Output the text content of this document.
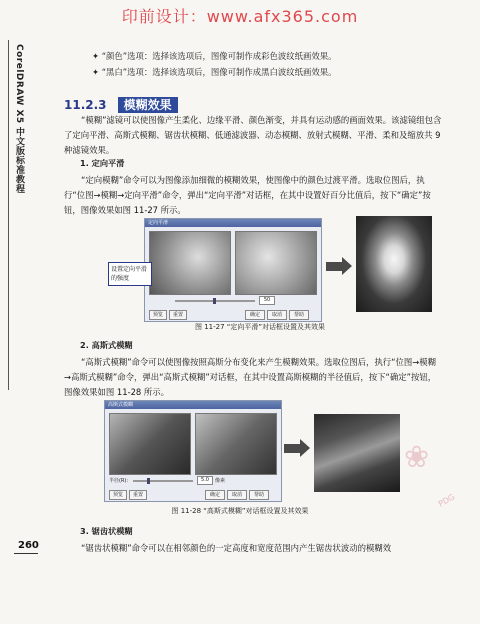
印前设计：www.afx365.com
CorelDRAW X5 中文版标准教程	✦ “颜色”选项：选择该选项后，图像可制作成彩色波纹纸画效果。
✦ “黑白”选项：选择该选项后，图像可制作成黑白波纹纸画效果。
11.2.3 模糊效果
“模糊”滤镜可以使图像产生柔化、边缘平滑、颜色渐变，并具有运动感的画面效果。该滤镜组包含了定向平滑、高斯式模糊、锯齿状模糊、低通滤波器、动态模糊、放射式模糊、平滑、柔和及缩放共 9 种滤镜效果。
1. 定向平滑
“定向模糊”命令可以为图像添加细微的模糊效果，使图像中的颜色过渡平滑。选取位图后，执行“位图→模糊→定向平滑”命令，弹出“定向平滑”对话框，在其中设置好百分比值后，按下“确定”按钮，图像效果如图 11-27 所示。
定向平滑
50
预览	重置	确定	取消	帮助
设置定向平滑的强度
图 11-27 “定向平滑”对话框设置及其效果
2. 高斯式模糊
“高斯式模糊”命令可以使图像按照高斯分布变化来产生模糊效果。选取位图后，执行“位图→模糊→高斯式模糊”命令，弹出“高斯式模糊”对话框，在其中设置高斯模糊的半径值后，按下“确定”按钮，图像效果如图 11-28 所示。
高斯式模糊
半径(R):	5.0	像素
预览	重置	确定	取消	帮助
❀
PDG
图 11-28 “高斯式模糊”对话框设置及其效果
3. 锯齿状模糊
“锯齿状模糊”命令可以在相邻颜色的一定高度和宽度范围内产生锯齿状波动的模糊效
260
